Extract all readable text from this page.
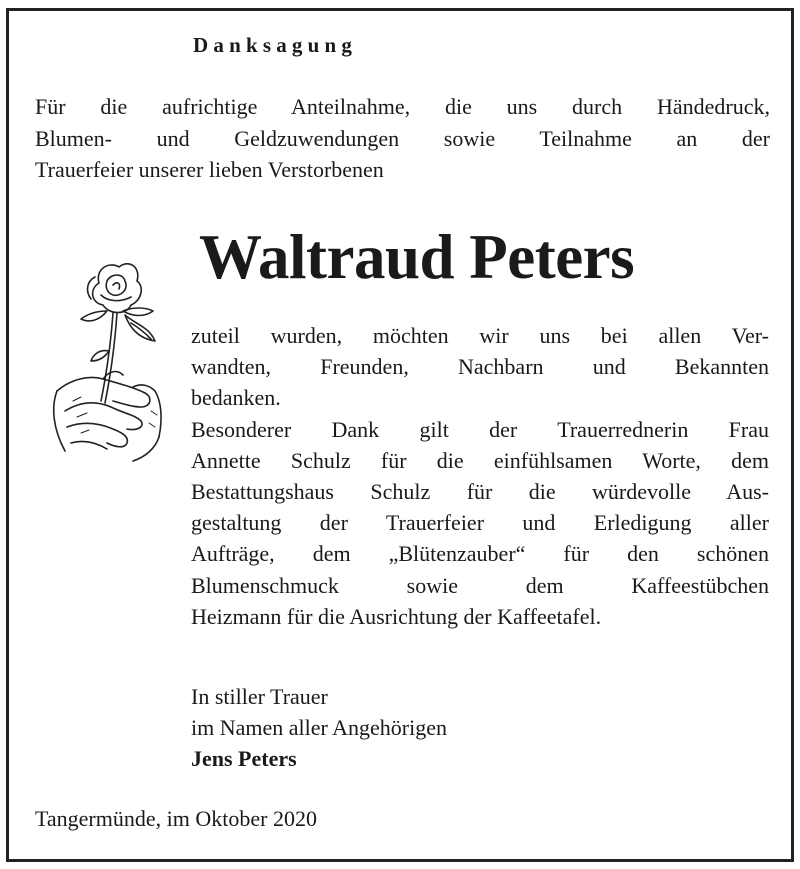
Danksagung

Für die aufrichtige Anteilnahme, die uns durch Händedruck,
Blumen- und Geldzuwendungen sowie Teilnahme an der
Trauerfeier unserer lieben Verstorbenen

Waltraud Peters

zuteil wurden, möchten wir uns bei allen Ver-
wandten, Freunden, Nachbarn und Bekannten
bedanken.
Besonderer Dank gilt der Trauerrednerin Frau
Annette Schulz für die einfühlsamen Worte, dem
Bestattungshaus Schulz für die würdevolle Aus-
gestaltung der Trauerfeier und Erledigung aller
Aufträge, dem „Blütenzauber“ für den schönen
Blumenschmuck sowie dem Kaffeestübchen
Heizmann für die Ausrichtung der Kaffeetafel.

In stiller Trauer
im Namen aller Angehörigen
Jens Peters

Tangermünde, im Oktober 2020
